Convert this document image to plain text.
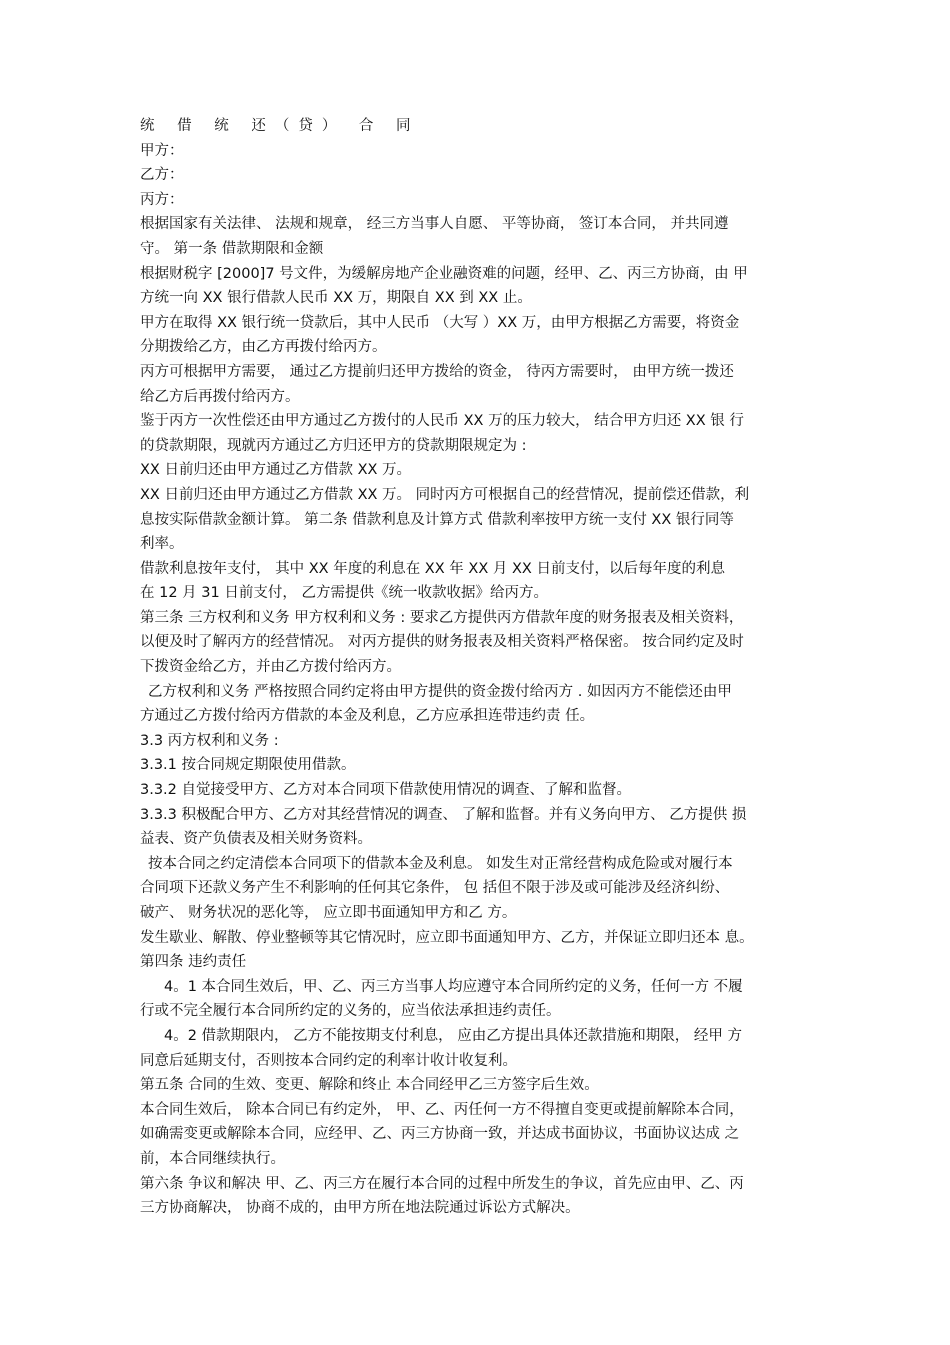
统 借 统 还（贷） 合 同

甲方：

乙方：

丙方：

根据国家有关法律、 法规和规章， 经三方当事人自愿、 平等协商， 签订本合同， 并共同遵

守。 第一条 借款期限和金额

根据财税字 [2000]7 号文件，为缓解房地产企业融资难的问题，经甲、乙、丙三方协商，由 甲

方统一向 XX 银行借款人民币 XX 万，期限自 XX 到 XX 止。

甲方在取得 XX 银行统一贷款后，其中人民币 （大写 ）XX 万，由甲方根据乙方需要，将资金

分期拨给乙方，由乙方再拨付给丙方。

丙方可根据甲方需要， 通过乙方提前归还甲方拨给的资金， 待丙方需要时， 由甲方统一拨还

给乙方后再拨付给丙方。

鉴于丙方一次性偿还由甲方通过乙方拨付的人民币 XX 万的压力较大， 结合甲方归还 XX 银 行

的贷款期限，现就丙方通过乙方归还甲方的贷款期限规定为 :

XX 日前归还由甲方通过乙方借款 XX 万。

XX 日前归还由甲方通过乙方借款 XX 万。 同时丙方可根据自己的经营情况，提前偿还借款，利

息按实际借款金额计算。 第二条 借款利息及计算方式 借款利率按甲方统一支付 XX 银行同等

利率。

借款利息按年支付， 其中 XX 年度的利息在 XX 年 XX 月 XX 日前支付，以后每年度的利息

在 12 月 31 日前支付， 乙方需提供《统一收款收据》给丙方。

第三条 三方权利和义务 甲方权利和义务 : 要求乙方提供丙方借款年度的财务报表及相关资料，

以便及时了解丙方的经营情况。 对丙方提供的财务报表及相关资料严格保密。 按合同约定及时

下拨资金给乙方，并由乙方拨付给丙方。

乙方权利和义务 严格按照合同约定将由甲方提供的资金拨付给丙方 . 如因丙方不能偿还由甲

方通过乙方拨付给丙方借款的本金及利息，乙方应承担连带违约责 任。

3.3 丙方权利和义务 :

3.3.1 按合同规定期限使用借款。

3.3.2 自觉接受甲方、乙方对本合同项下借款使用情况的调查、了解和监督。

3.3.3 积极配合甲方、乙方对其经营情况的调查、 了解和监督。并有义务向甲方、 乙方提供 损

益表、资产负债表及相关财务资料。

按本合同之约定清偿本合同项下的借款本金及利息。 如发生对正常经营构成危险或对履行本

合同项下还款义务产生不利影响的任何其它条件， 包 括但不限于涉及或可能涉及经济纠纷、

破产、 财务状况的恶化等， 应立即书面通知甲方和乙 方。

发生歇业、解散、停业整顿等其它情况时，应立即书面通知甲方、乙方，并保证立即归还本 息。

第四条 违约责任

4。1 本合同生效后，甲、乙、丙三方当事人均应遵守本合同所约定的义务，任何一方 不履

行或不完全履行本合同所约定的义务的，应当依法承担违约责任。

4。2 借款期限内， 乙方不能按期支付利息， 应由乙方提出具体还款措施和期限， 经甲 方

同意后延期支付，否则按本合同约定的利率计收计收复利。

第五条 合同的生效、变更、解除和终止 本合同经甲乙三方签字后生效。

本合同生效后， 除本合同已有约定外， 甲、乙、丙任何一方不得擅自变更或提前解除本合同，

如确需变更或解除本合同，应经甲、乙、丙三方协商一致，并达成书面协议，书面协议达成 之

前，本合同继续执行。

第六条 争议和解决 甲、乙、丙三方在履行本合同的过程中所发生的争议，首先应由甲、乙、丙

三方协商解决， 协商不成的，由甲方所在地法院通过诉讼方式解决。
